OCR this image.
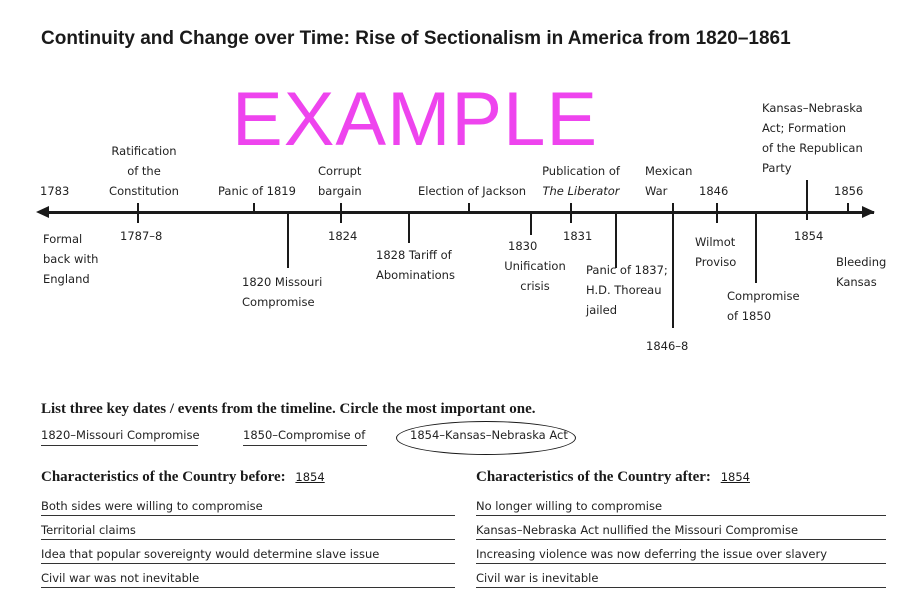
Continuity and Change over Time: Rise of Sectionalism in America from 1820–1861
EXAMPLE
1783
Ratification
of the
Constitution	Panic of 1819
Corrupt
bargain	Election of Jackson
Publication of
The Liberator
Mexican
War	1846
Kansas–Nebraska
Act; Formation
of the Republican
Party
1856
Formal
back with
England
1787–8
1820 Missouri
Compromise
1824
1828 Tariff of
Abominations
1830
Unification
crisis
1831
Panic of 1837;
H.D. Thoreau
jailed
1846–8
Wilmot
Proviso
Compromise
of 1850
1854
Bleeding
Kansas
List three key dates / events from the timeline. Circle the most important one.
1820–Missouri Compromise	1850–Compromise of	1854–Kansas–Nebraska Act
Characteristics of the Country before: 1854
Both sides were willing to compromise
Territorial claims
Idea that popular sovereignty would determine slave issue
Civil war was not inevitable
Characteristics of the Country after: 1854
No longer willing to compromise
Kansas–Nebraska Act nullified the Missouri Compromise
Increasing violence was now deferring the issue over slavery
Civil war is inevitable
